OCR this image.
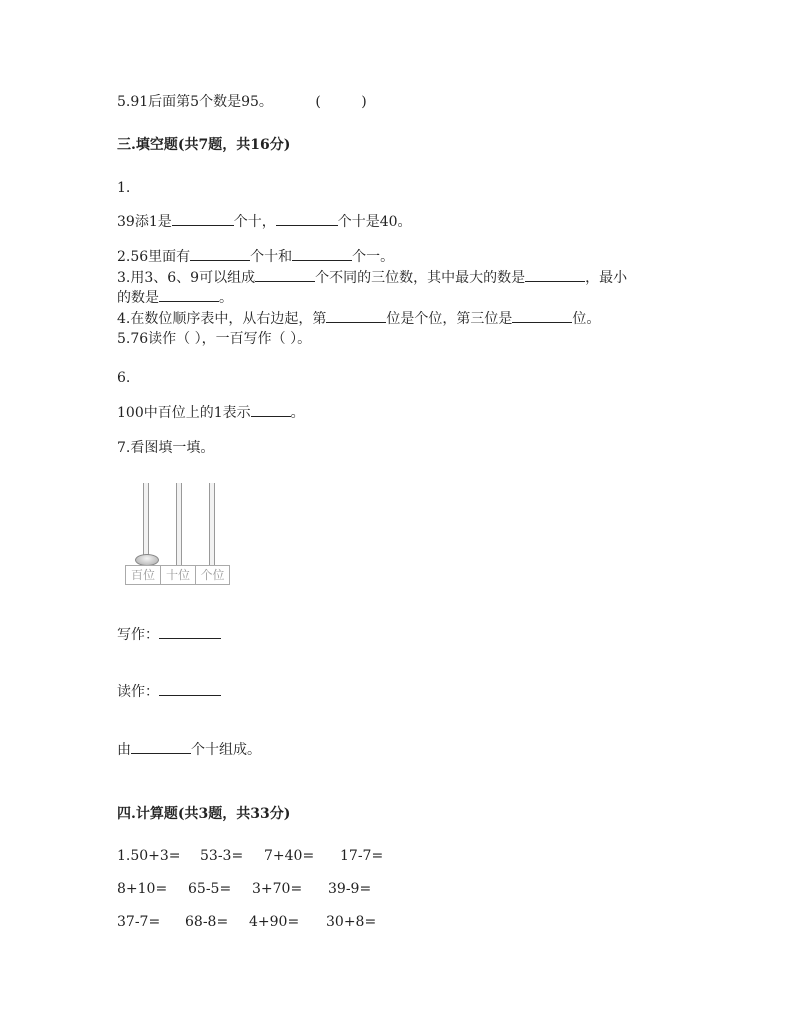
5.91后面第5个数是95。	( )
三.填空题(共7题，共16分)
1.
39添1是	个十，	个十是40。
2.56里面有	个十和	个一。
3.用3、6、9可以组成	个不同的三位数，其中最大的数是	，最小
的数是	。
4.在数位顺序表中，从右边起，第	位是个位，第三位是	位。
5.76读作（ ），一百写作（ ）。
6.
100中百位上的1表示	。
7.看图填一填。
百位 十位 个位
写作：
读作：
由	个十组成。
四.计算题(共3题，共33分)
1.50+3= 53-3= 7+40= 17-7=
8+10= 65-5= 3+70= 39-9=
37-7= 68-8= 4+90= 30+8=
